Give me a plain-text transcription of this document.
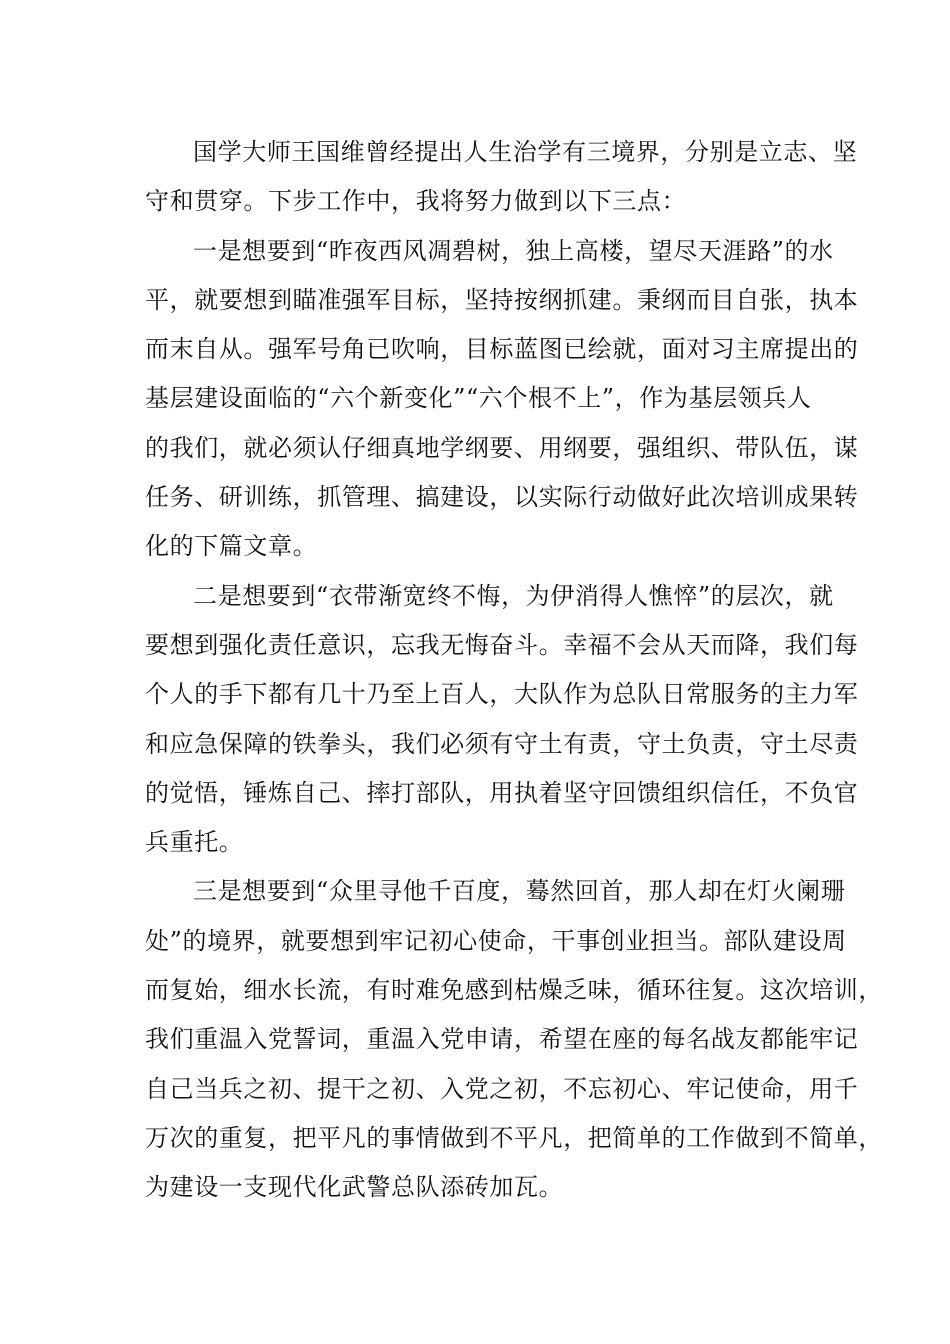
国学大师王国维曾经提出人生治学有三境界，分别是立志、坚
守和贯穿。下步工作中，我将努力做到以下三点：
一是想要到“昨夜西风凋碧树，独上高楼，望尽天涯路”的水
平，就要想到瞄准强军目标，坚持按纲抓建。秉纲而目自张，执本
而末自从。强军号角已吹响，目标蓝图已绘就，面对习主席提出的
基层建设面临的“六个新变化”“六个根不上”，作为基层领兵人
的我们，就必须认仔细真地学纲要、用纲要，强组织、带队伍，谋
任务、研训练，抓管理、搞建设，以实际行动做好此次培训成果转
化的下篇文章。
二是想要到“衣带渐宽终不悔，为伊消得人憔悴”的层次，就
要想到强化责任意识，忘我无悔奋斗。幸福不会从天而降，我们每
个人的手下都有几十乃至上百人，大队作为总队日常服务的主力军
和应急保障的铁拳头，我们必须有守土有责，守土负责，守土尽责
的觉悟，锤炼自己、摔打部队，用执着坚守回馈组织信任，不负官
兵重托。
三是想要到“众里寻他千百度，蓦然回首，那人却在灯火阑珊
处”的境界，就要想到牢记初心使命，干事创业担当。部队建设周
而复始，细水长流，有时难免感到枯燥乏味，循环往复。这次培训，
我们重温入党誓词，重温入党申请，希望在座的每名战友都能牢记
自己当兵之初、提干之初、入党之初，不忘初心、牢记使命，用千
万次的重复，把平凡的事情做到不平凡，把简单的工作做到不简单，
为建设一支现代化武警总队添砖加瓦。
